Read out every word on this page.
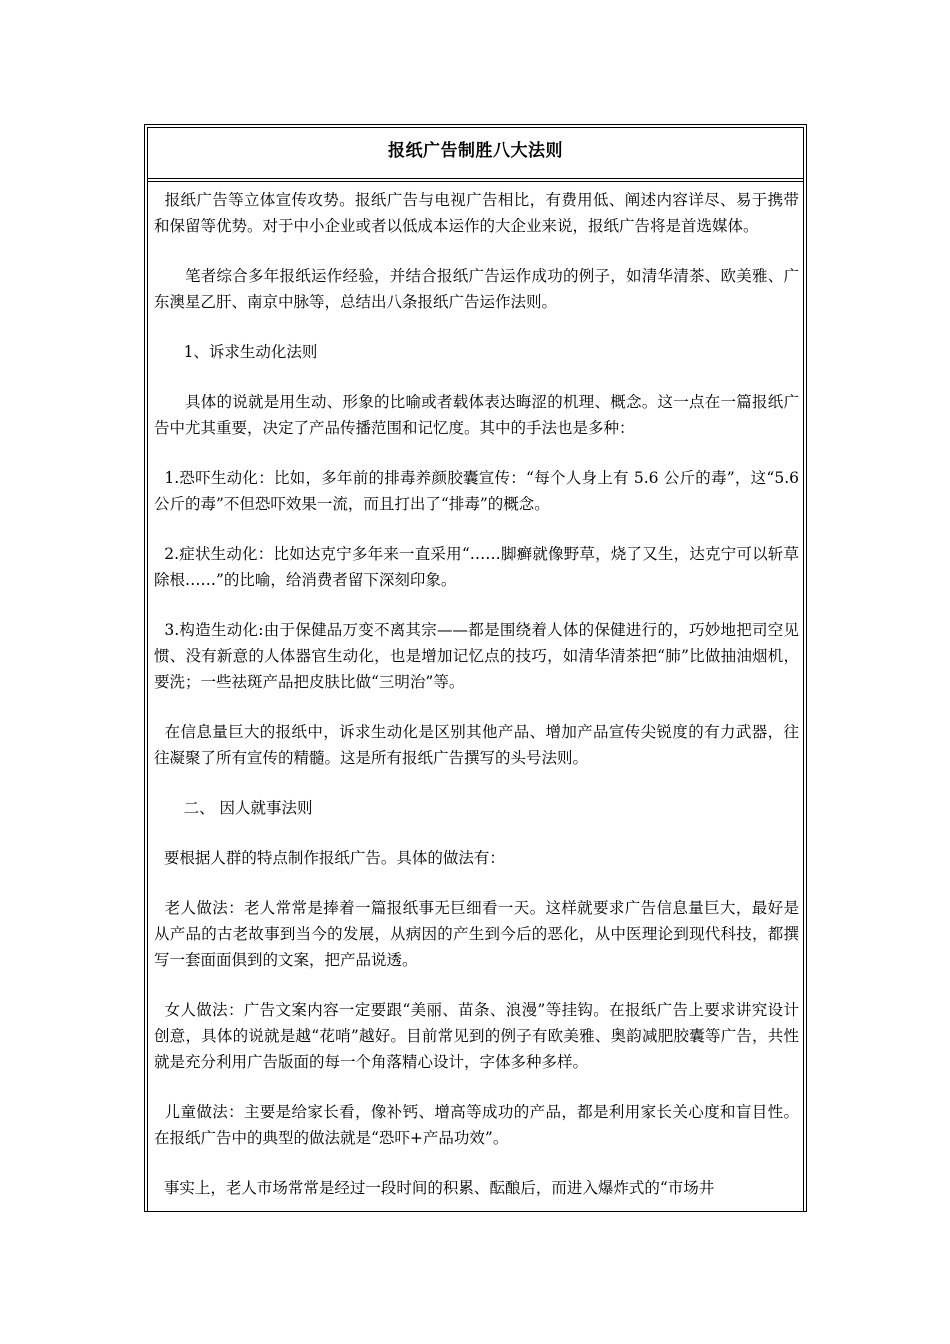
报纸广告制胜八大法则

报纸广告等立体宣传攻势。报纸广告与电视广告相比，有费用低、阐述内容详尽、易于携带和保留等优势。对于中小企业或者以低成本运作的大企业来说，报纸广告将是首选媒体。

笔者综合多年报纸运作经验，并结合报纸广告运作成功的例子，如清华清茶、欧美雅、广东澳星乙肝、南京中脉等，总结出八条报纸广告运作法则。

1、诉求生动化法则

具体的说就是用生动、形象的比喻或者载体表达晦涩的机理、概念。这一点在一篇报纸广告中尤其重要，决定了产品传播范围和记忆度。其中的手法也是多种：

1.恐吓生动化：比如，多年前的排毒养颜胶囊宣传：“每个人身上有 5.6 公斤的毒”，这“5.6 公斤的毒”不但恐吓效果一流，而且打出了“排毒”的概念。

2.症状生动化：比如达克宁多年来一直采用“……脚癣就像野草，烧了又生，达克宁可以斩草除根……”的比喻，给消费者留下深刻印象。

3.构造生动化:由于保健品万变不离其宗——都是围绕着人体的保健进行的，巧妙地把司空见惯、没有新意的人体器官生动化，也是增加记忆点的技巧，如清华清茶把“肺”比做抽油烟机，要洗；一些祛斑产品把皮肤比做“三明治”等。

在信息量巨大的报纸中，诉求生动化是区别其他产品、增加产品宣传尖锐度的有力武器，往往凝聚了所有宣传的精髓。这是所有报纸广告撰写的头号法则。

二、 因人就事法则

要根据人群的特点制作报纸广告。具体的做法有：

老人做法：老人常常是捧着一篇报纸事无巨细看一天。这样就要求广告信息量巨大，最好是从产品的古老故事到当今的发展，从病因的产生到今后的恶化，从中医理论到现代科技，都撰写一套面面俱到的文案，把产品说透。

女人做法：广告文案内容一定要跟“美丽、苗条、浪漫”等挂钩。在报纸广告上要求讲究设计创意，具体的说就是越“花哨”越好。目前常见到的例子有欧美雅、奥韵减肥胶囊等广告，共性就是充分利用广告版面的每一个角落精心设计，字体多种多样。

儿童做法：主要是给家长看，像补钙、增高等成功的产品，都是利用家长关心度和盲目性。在报纸广告中的典型的做法就是“恐吓+产品功效”。

事实上，老人市场常常是经过一段时间的积累、酝酿后，而进入爆炸式的“市场井
